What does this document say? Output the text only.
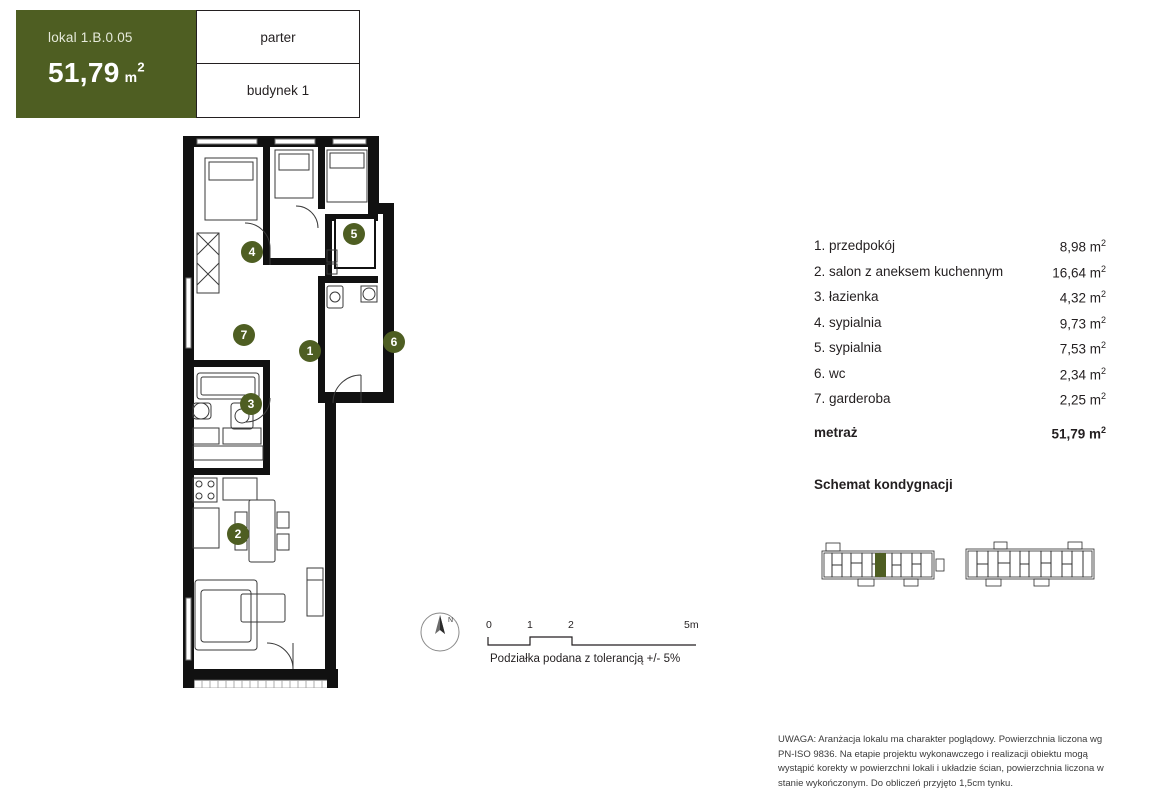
lokal 1.B.0.05
51,79 $m^2$
parter
budynek 1
1
2
3
4
5
6
7
N	0	1	2	5m
Podziałka podana z tolerancją +/- 5%
1. przedpokój	8,98 $m^2$
2. salon z aneksem kuchennym	16,64 $m^2$
3. łazienka	4,32 $m^2$
4. sypialnia	9,73 $m^2$
5. sypialnia	7,53 $m^2$
6. wc	2,34 $m^2$
7. garderoba	2,25 $m^2$
metraż	51,79 $m^2$
Schemat kondygnacji
UWAGA: Aranżacja lokalu ma charakter poglądowy. Powierzchnia liczona wg PN-ISO 9836. Na etapie projektu wykonawczego i realizacji obiektu mogą wystąpić korekty w powierzchni lokali i układzie ścian, powierzchnia liczona w stanie wykończonym. Do obliczeń przyjęto 1,5cm tynku.
